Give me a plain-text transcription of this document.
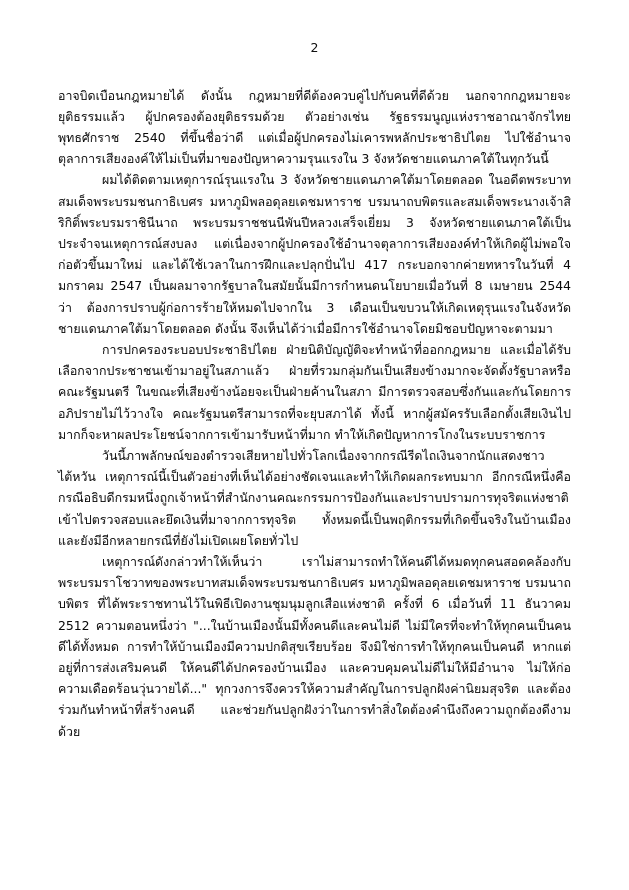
2

อาจบิดเบือนกฎหมายได้ ดังนั้น กฎหมายที่ดีต้องควบคู่ไปกับคนที่ดีด้วย นอกจากกฎหมายจะยุติธรรมแล้ว ผู้ปกครองต้องยุติธรรมด้วย ตัวอย่างเช่น รัฐธรรมนูญแห่งราชอาณาจักรไทย พุทธศักราช 2540 ที่ขึ้นชื่อว่าดี แต่เมื่อผู้ปกครองไม่เคารพหลักประชาธิปไตย ไปใช้อำนาจตุลาการเสียงองค์ให้ไม่เป็นที่มาของปัญหาความรุนแรงใน 3 จังหวัดชายแดนภาคใต้ในทุกวันนี้

ผมได้ติดตามเหตุการณ์รุนแรงใน 3 จังหวัดชายแดนภาคใต้มาโดยตลอด ในอดีตพระบาทสมเด็จพระบรมชนกาธิเบศร มหาภูมิพลอดุลยเดชมหาราช บรมนาถบพิตรและสมเด็จพระนางเจ้าสิริกิติ์พระบรมราชินีนาถ พระบรมราชชนนีพันปีหลวงเสร็จเยี่ยม 3 จังหวัดชายแดนภาคใต้เป็นประจำจนเหตุการณ์สงบลง แต่เนื่องจากผู้ปกครองใช้อำนาจตุลาการเสียงองค์ทำให้เกิดผู้ไม่พอใจก่อตัวขึ้นมาใหม่ และได้ใช้เวลาในการฝึกและปลุกปั่นไป 417 กระบอกจากค่ายทหารในวันที่ 4 มกราคม 2547 เป็นผลมาจากรัฐบาลในสมัยนั้นมีการกำหนดนโยบายเมื่อวันที่ 8 เมษายน 2544 ว่า ต้องการปราบผู้ก่อการร้ายให้หมดไปจากใน 3 เดือนเป็นขบวนให้เกิดเหตุรุนแรงในจังหวัดชายแดนภาคใต้มาโดยตลอด ดังนั้น จึงเห็นได้ว่าเมื่อมีการใช้อำนาจโดยมิชอบปัญหาจะตามมา

การปกครองระบอบประชาธิปไตย ฝ่ายนิติบัญญัติจะทำหน้าที่ออกกฎหมาย และเมื่อได้รับเลือกจากประชาชนเข้ามาอยู่ในสภาแล้ว ฝ่ายที่รวมกลุ่มกันเป็นเสียงข้างมากจะจัดตั้งรัฐบาลหรือคณะรัฐมนตรี ในขณะที่เสียงข้างน้อยจะเป็นฝ่ายค้านในสภา มีการตรวจสอบซึ่งกันและกันโดยการอภิปรายไม่ไว้วางใจ คณะรัฐมนตรีสามารถที่จะยุบสภาได้ ทั้งนี้ หากผู้สมัครรับเลือกตั้งเสียเงินไปมากก็จะหาผลประโยชน์จากการเข้ามารับหน้าที่มาก ทำให้เกิดปัญหาการโกงในระบบราชการ

วันนี้ภาพลักษณ์ของตำรวจเสียหายไปทั่วโลกเนื่องจากกรณีรีดไถเงินจากนักแสดงชาวไต้หวัน เหตุการณ์นี้เป็นตัวอย่างที่เห็นได้อย่างชัดเจนและทำให้เกิดผลกระทบมาก อีกกรณีหนึ่งคือกรณีอธิบดีกรมหนึ่งถูกเจ้าหน้าที่สำนักงานคณะกรรมการป้องกันและปราบปรามการทุจริตแห่งชาติ เข้าไปตรวจสอบและยึดเงินที่มาจากการทุจริต ทั้งหมดนี้เป็นพฤติกรรมที่เกิดขึ้นจริงในบ้านเมือง และยังมีอีกหลายกรณีที่ยังไม่เปิดเผยโดยทั่วไป

เหตุการณ์ดังกล่าวทำให้เห็นว่า เราไม่สามารถทำให้คนดีได้หมดทุกคนสอดคล้องกับพระบรมราโชวาทของพระบาทสมเด็จพระบรมชนกาธิเบศร มหาภูมิพลอดุลยเดชมหาราช บรมนาถบพิตร ที่ได้พระราชทานไว้ในพิธีเปิดงานชุมนุมลูกเสือแห่งชาติ ครั้งที่ 6 เมื่อวันที่ 11 ธันวาคม 2512 ความตอนหนึ่งว่า "...ในบ้านเมืองนั้นมีทั้งคนดีและคนไม่ดี ไม่มีใครที่จะทำให้ทุกคนเป็นคนดีได้ทั้งหมด การทำให้บ้านเมืองมีความปกติสุขเรียบร้อย จึงมิใช่การทำให้ทุกคนเป็นคนดี หากแต่อยู่ที่การส่งเสริมคนดี ให้คนดีได้ปกครองบ้านเมือง และควบคุมคนไม่ดีไม่ให้มีอำนาจ ไม่ให้ก่อความเดือดร้อนวุ่นวายได้..." ทุกวงการจึงควรให้ความสำคัญในการปลูกฝังค่านิยมสุจริต และต้องร่วมกันทำหน้าที่สร้างคนดี และช่วยกันปลูกฝังว่าในการทำสิ่งใดต้องคำนึงถึงความถูกต้องดีงามด้วย
